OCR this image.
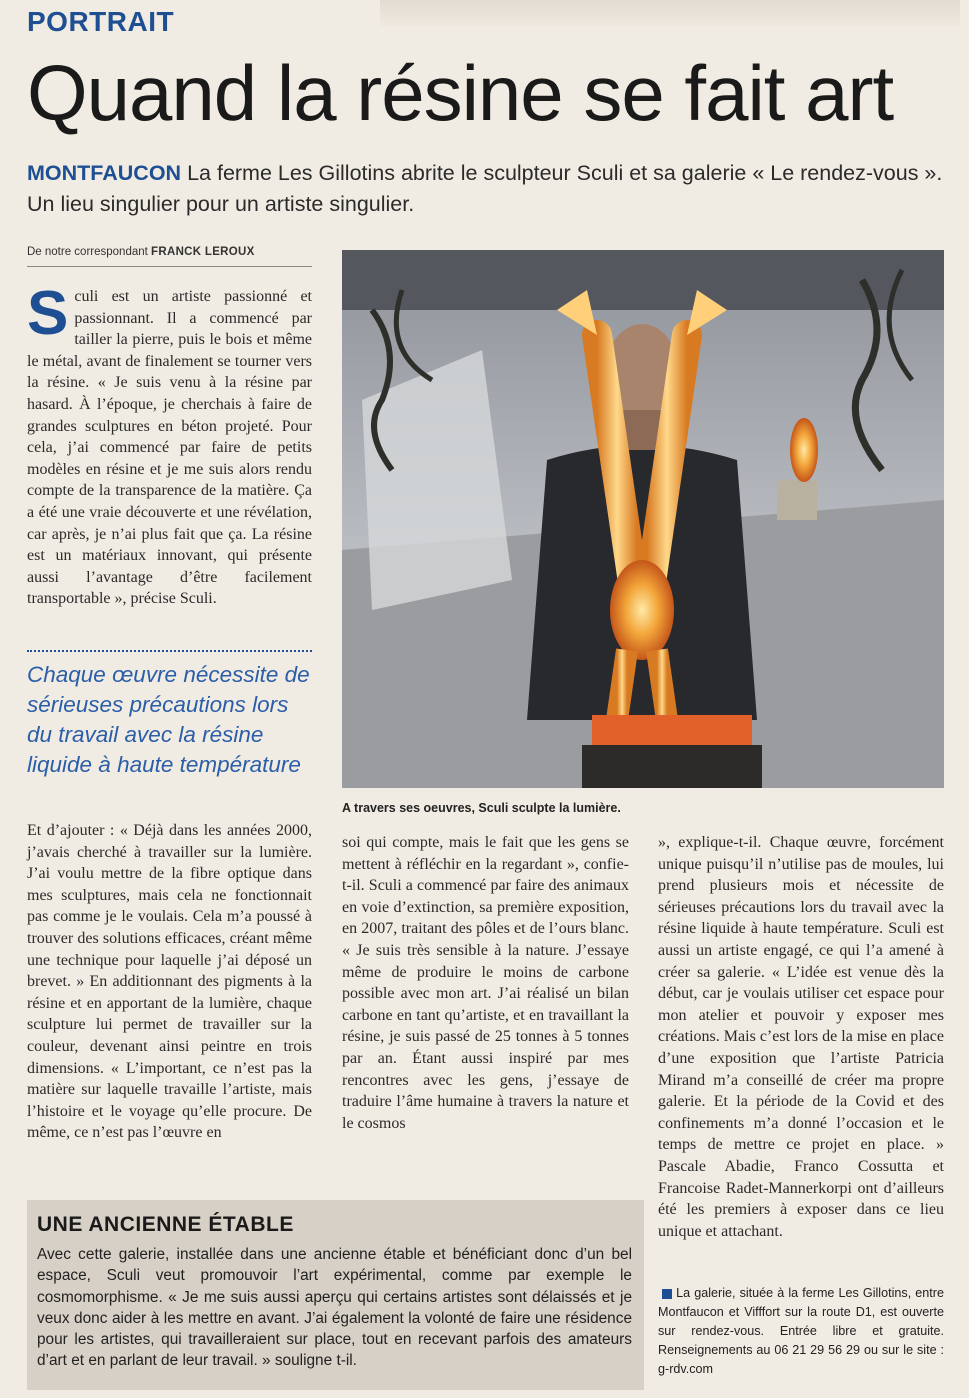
PORTRAIT
Quand la résine se fait art
MONTFAUCON La ferme Les Gillotins abrite le sculpteur Sculi et sa galerie « Le rendez-vous ». Un lieu singulier pour un artiste singulier.
De notre correspondant FRANCK LEROUX

Sculi est un artiste passionné et passionnant. Il a commencé par tailler la pierre, puis le bois et même le métal, avant de finalement se tourner vers la résine. « Je suis venu à la résine par hasard. À l’époque, je cherchais à faire de grandes sculptures en béton projeté. Pour cela, j’ai commencé par faire de petits modèles en résine et je me suis alors rendu compte de la transparence de la matière. Ça a été une vraie découverte et une révélation, car après, je n’ai plus fait que ça. La résine est un matériaux innovant, qui présente aussi l’avantage d’être facilement transportable », précise Sculi.

Chaque œuvre nécessite de sérieuses précautions lors du travail avec la résine liquide à haute température

Et d’ajouter : « Déjà dans les années 2000, j’avais cherché à travailler sur la lumière. J’ai voulu mettre de la fibre optique dans mes sculptures, mais cela ne fonctionnait pas comme je le voulais. Cela m’a poussé à trouver des solutions efficaces, créant même une technique pour laquelle j’ai déposé un brevet. » En additionnant des pigments à la résine et en apportant de la lumière, chaque sculpture lui permet de travailler sur la couleur, devenant ainsi peintre en trois dimensions. « L’important, ce n’est pas la matière sur laquelle travaille l’artiste, mais l’histoire et le voyage qu’elle procure. De même, ce n’est pas l’œuvre en

soi qui compte, mais le fait que les gens se mettent à réfléchir en la regardant », confie-t-il. Sculi a commencé par faire des animaux en voie d’extinction, sa première exposition, en 2007, traitant des pôles et de l’ours blanc. « Je suis très sensible à la nature. J’essaye même de produire le moins de carbone possible avec mon art. J’ai réalisé un bilan carbone en tant qu’artiste, et en travaillant la résine, je suis passé de 25 tonnes à 5 tonnes par an. Étant aussi inspiré par mes rencontres avec les gens, j’essaye de traduire l’âme humaine à travers la nature et le cosmos

», explique-t-il. Chaque œuvre, forcément unique puisqu’il n’utilise pas de moules, lui prend plusieurs mois et nécessite de sérieuses précautions lors du travail avec la résine liquide à haute température. Sculi est aussi un artiste engagé, ce qui l’a amené à créer sa galerie. « L’idée est venue dès la début, car je voulais utiliser cet espace pour mon atelier et pouvoir y exposer mes créations. Mais c’est lors de la mise en place d’une exposition que l’artiste Patricia Mirand m’a conseillé de créer ma propre galerie. Et la période de la Covid et des confinements m’a donné l’occasion et le temps de mettre ce projet en place. » Pascale Abadie, Franco Cossutta et Francoise Radet-Mannerkorpi ont d’ailleurs été les premiers à exposer dans ce lieu unique et attachant.

A travers ses oeuvres, Sculi sculpte la lumière.
UNE ANCIENNE ÉTABLE
Avec cette galerie, installée dans une ancienne étable et bénéficiant donc d’un bel espace, Sculi veut promouvoir l’art expérimental, comme par exemple le cosmomorphisme. « Je me suis aussi aperçu qui certains artistes sont délaissés et je veux donc aider à les mettre en avant. J’ai également la volonté de faire une résidence pour les artistes, qui travailleraient sur place, tout en recevant parfois des amateurs d’art et en parlant de leur travail. » souligne t-il.
La galerie, située à la ferme Les Gillotins, entre Montfaucon et Vifffort sur la route D1, est ouverte sur rendez-vous. Entrée libre et gratuite. Renseignements au 06 21 29 56 29 ou sur le site : g-rdv.com
